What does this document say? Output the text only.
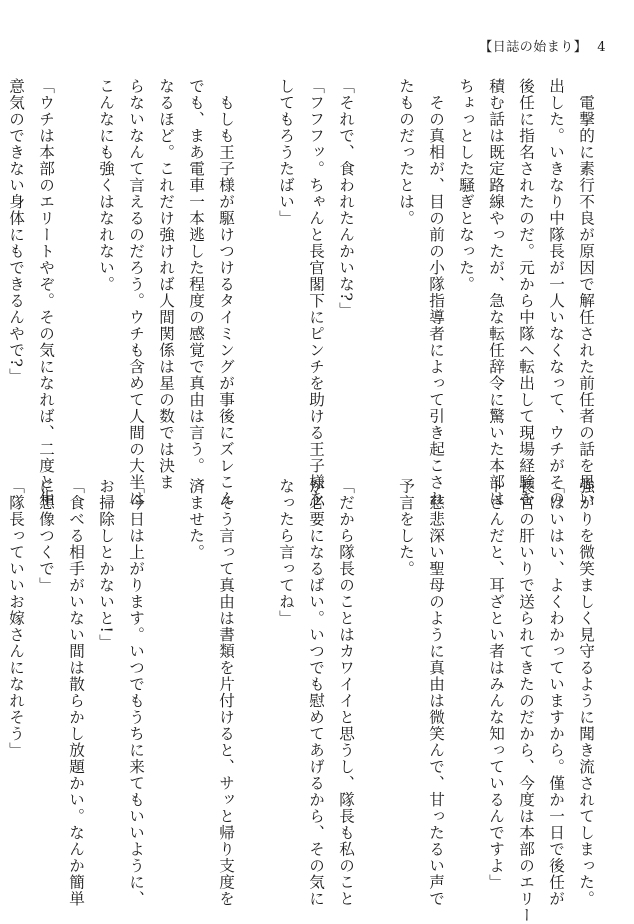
【日誌の始まり】 4
　電撃的に素行不良が原因で解任された前任者の話を思い
出した。いきなり中隊長が一人いなくなって、ウチがその
後任に指名されたのだ。元から中隊へ転出して現場経験を
積む話は既定路線やったが、急な転任辞令に驚いた本部は
ちょっとした騒ぎとなった。
　その真相が、目の前の小隊指導者によって引き起こされ
たものだったとは。

「それで、食われたんかいな?」
「フフフッ。ちゃんと長官閣下にピンチを助ける王子様を
してもろうたばい」

　もしも王子様が駆けつけるタイミングが事後にズレこん
でも、まあ電車一本逃した程度の感覚で真由は言う。
なるほど。これだけ強ければ人間関係は星の数では決ま
らないなんて言えるのだろう。ウチも含めて人間の大半は
こんなにも強くはなれない。

「ウチは本部のエリートやぞ。その気になれば、二度と生
意気のできない身体にもできるんやで?」

強がりを微笑ましく見守るように聞き流されてしまった。
「はいはい、よくわかっていますから。僅か一日で後任が
長官の肝いりで送られてきたのだから、今度は本部のエリー
トさんだと、耳ざとい者はみんな知っているんですよ」

　慈悲深い聖母のように真由は微笑んで、甘ったるい声で
予言をした。

「だから隊長のことはカワイイと思うし、隊長も私のこと
が必要になるばい。いつでも慰めてあげるから、その気に
なったら言ってね」

　そう言って真由は書類を片付けると、サッと帰り支度を
済ませた。

「今日は上がります。いつでもうちに来てもいいように、
お掃除しとかないと!」
「食べる相手がいない間は散らかし放題かい。なんか簡単
に想像つくで」
「隊長っていいお嫁さんになれそう」
